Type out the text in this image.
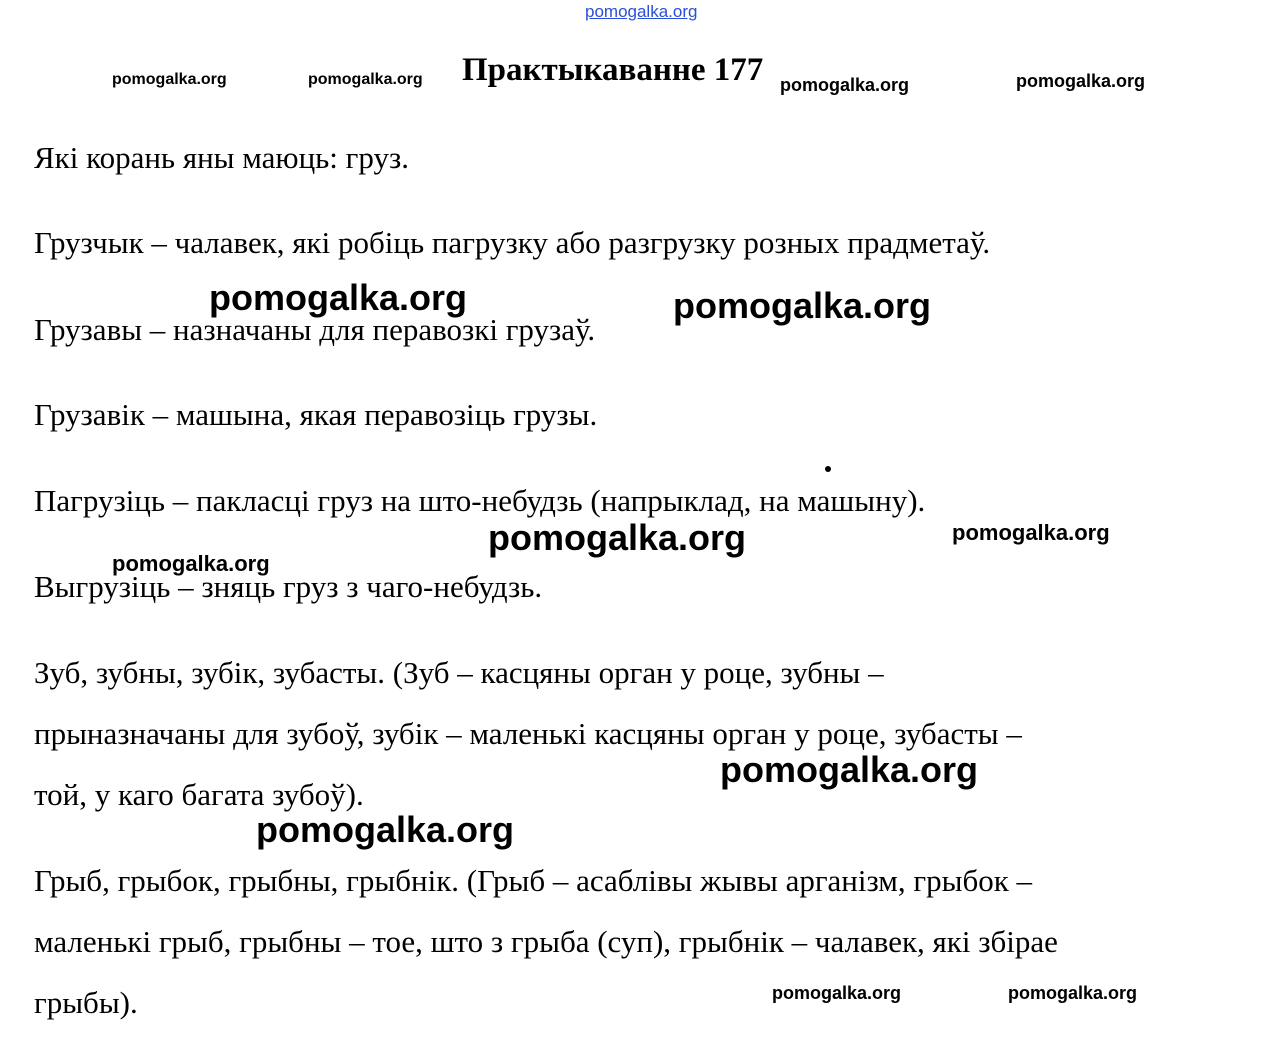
pomogalka.org
pomogalka.org	pomogalka.org Практыкаванне 177 pomogalka.org	pomogalka.org
Які корань яны маюць: груз.
Грузчык – чалавек, які робіць пагрузку або разгрузку розных прадметаў.
Грузавы – назначаны для перавозкі грузаў.
Грузавік – машына, якая перавозіць грузы.
Пагрузіць – пакласці груз на што-небудзь (напрыклад, на машыну).
Выгрузіць – зняць груз з чаго-небудзь.
Зуб, зубны, зубік, зубасты. (Зуб – касцяны орган у роце, зубны –
прыназначаны для зубоў, зубік – маленькі касцяны орган у роце, зубасты –
той, у каго багата зубоў).
Грыб, грыбок, грыбны, грыбнік. (Грыб – асаблівы жывы арганізм, грыбок –
маленькі грыб, грыбны – тое, што з грыба (суп), грыбнік – чалавек, які збірае
грыбы).
pomogalka.org	pomogalka.org
pomogalka.org	pomogalka.org
pomogalka.org
pomogalka.org
pomogalka.org
pomogalka.org	pomogalka.org
